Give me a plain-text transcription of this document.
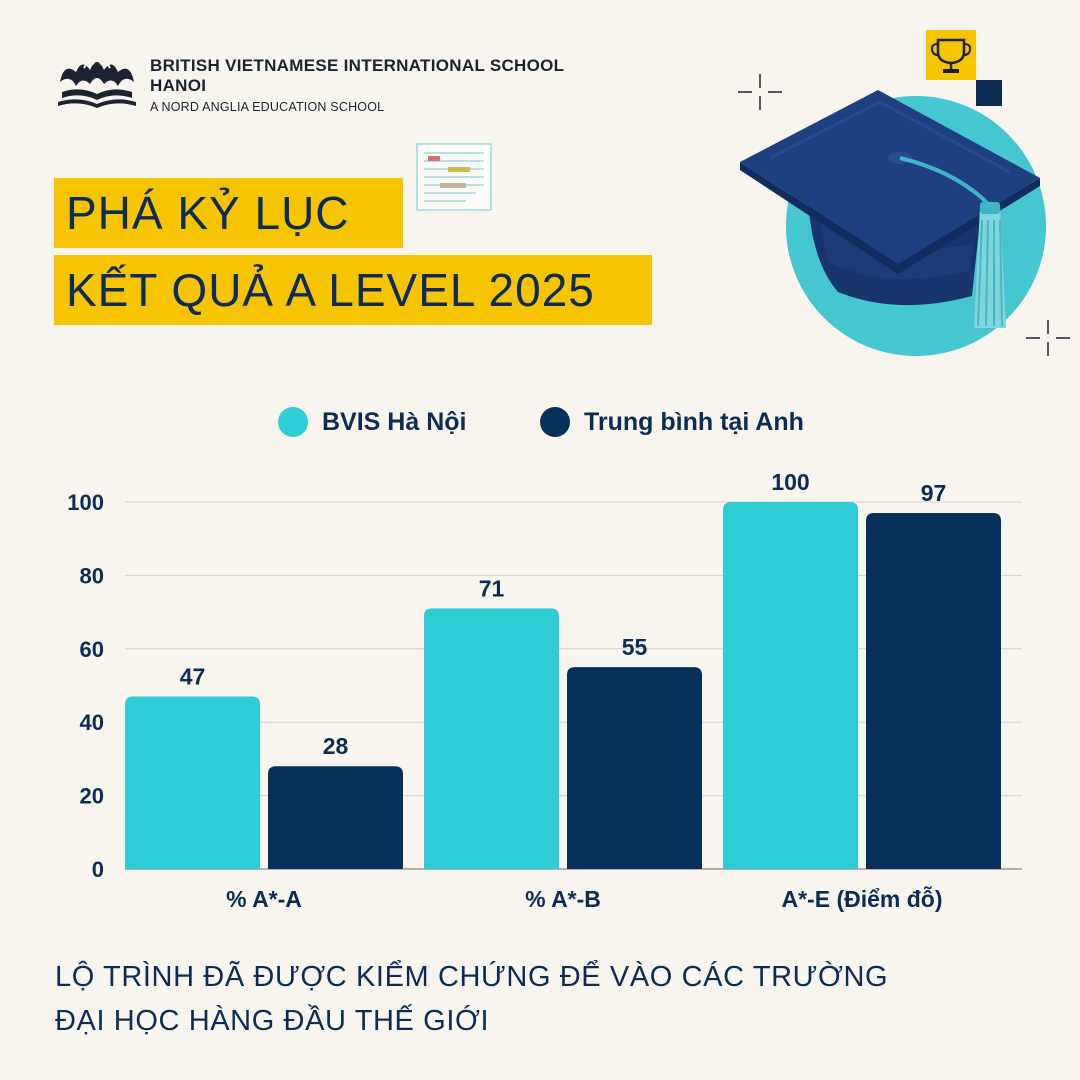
BRITISH VIETNAMESE INTERNATIONAL SCHOOL
HANOI
A NORD ANGLIA EDUCATION SCHOOL
PHÁ KỶ LỤC
KẾT QUẢ A LEVEL 2025
BVIS Hà Nội	Trung bình tại Anh
0
20
40
60
80
100
47
28
% A*-A
71
55
% A*-B
100	97
A*-E (Điểm đỗ)
LỘ TRÌNH ĐÃ ĐƯỢC KIỂM CHỨNG ĐỂ VÀO CÁC TRƯỜNG
ĐẠI HỌC HÀNG ĐẦU THẾ GIỚI
